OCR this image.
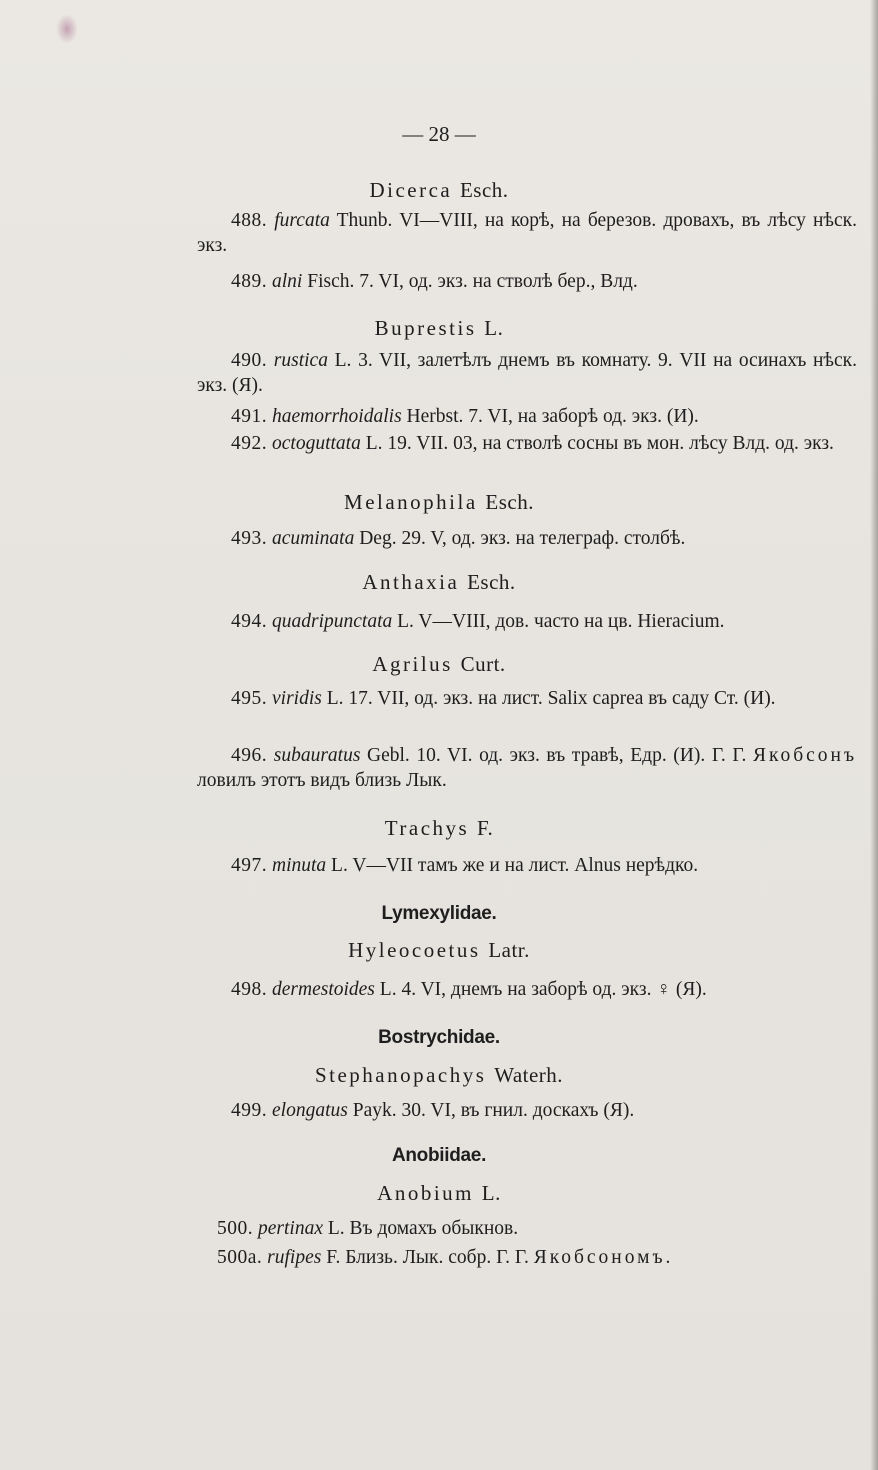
— 28 —
Dicerca Esch.
488. furcata Thunb. VI—VIII, на корѣ, на березов. дровахъ, въ лѣсу нѣск. экз.
489. alni Fisch. 7. VI, од. экз. на стволѣ бер., Влд.
Buprestis L.
490. rustica L. 3. VII, залетѣлъ днемъ въ комнату. 9. VII на осинахъ нѣск. экз. (Я).
491. haemorrhoidalis Herbst. 7. VI, на заборѣ од. экз. (И).
492. octoguttata L. 19. VII. 03, на стволѣ сосны въ мон. лѣсу Влд. од. экз.
Melanophila Esch.
493. acuminata Deg. 29. V, од. экз. на телеграф. столбѣ.
Anthaxia Esch.
494. quadripunctata L. V—VIII, дов. часто на цв. Hieracium.
Agrilus Curt.
495. viridis L. 17. VII, од. экз. на лист. Salix caprea въ саду Ст. (И).
496. subauratus Gebl. 10. VI. од. экз. въ травѣ, Едр. (И). Г. Г. Якобсонъ ловилъ этотъ видъ близь Лык.
Trachys F.
497. minuta L. V—VII тамъ же и на лист. Alnus нерѣдко.
Lymexylidae.
Hyleocoetus Latr.
498. dermestoides L. 4. VI, днемъ на заборѣ од. экз. ♀ (Я).
Bostrychidae.
Stephanopachys Waterh.
499. elongatus Payk. 30. VI, въ гнил. доскахъ (Я).
Anobiidae.
Anobium L.
500. pertinax L. Въ домахъ обыкнов.
500a. rufipes F. Близь. Лык. собр. Г. Г. Якобсономъ.
